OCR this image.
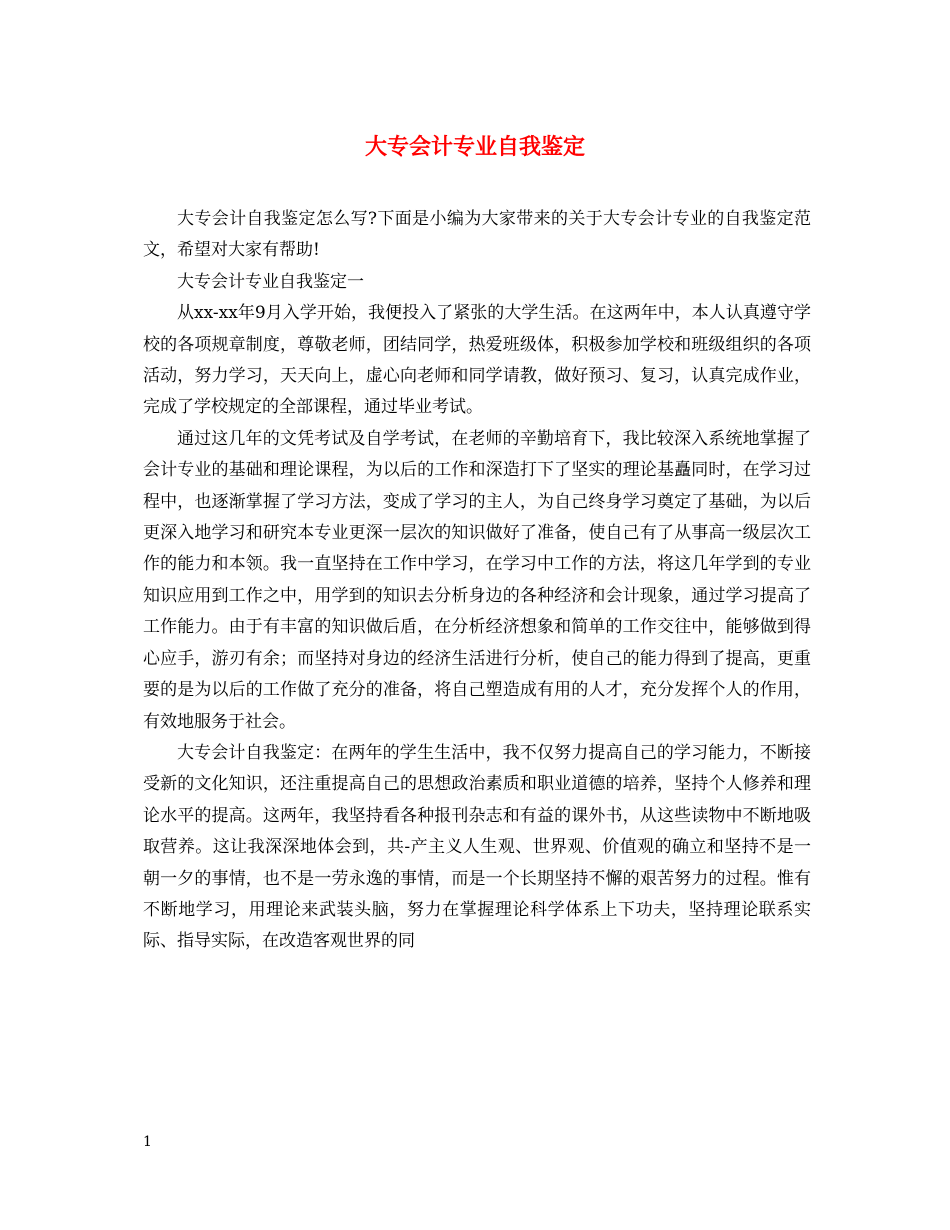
大专会计专业自我鉴定

大专会计自我鉴定怎么写?下面是小编为大家带来的关于大专会计专业的自我鉴定范文，希望对大家有帮助!

大专会计专业自我鉴定一

从xx-xx年9月入学开始，我便投入了紧张的大学生活。在这两年中，本人认真遵守学校的各项规章制度，尊敬老师，团结同学，热爱班级体，积极参加学校和班级组织的各项活动，努力学习，天天向上，虚心向老师和同学请教，做好预习、复习，认真完成作业，完成了学校规定的全部课程，通过毕业考试。

通过这几年的文凭考试及自学考试，在老师的辛勤培育下，我比较深入系统地掌握了会计专业的基础和理论课程，为以后的工作和深造打下了坚实的理论基矗同时，在学习过程中，也逐渐掌握了学习方法，变成了学习的主人，为自己终身学习奠定了基础，为以后更深入地学习和研究本专业更深一层次的知识做好了准备，使自己有了从事高一级层次工作的能力和本领。我一直坚持在工作中学习，在学习中工作的方法，将这几年学到的专业知识应用到工作之中，用学到的知识去分析身边的各种经济和会计现象，通过学习提高了工作能力。由于有丰富的知识做后盾，在分析经济想象和简单的工作交往中，能够做到得心应手，游刃有余；而坚持对身边的经济生活进行分析，使自己的能力得到了提高，更重要的是为以后的工作做了充分的准备，将自己塑造成有用的人才，充分发挥个人的作用，有效地服务于社会。

大专会计自我鉴定：在两年的学生生活中，我不仅努力提高自己的学习能力，不断接受新的文化知识，还注重提高自己的思想政治素质和职业道德的培养，坚持个人修养和理论水平的提高。这两年，我坚持看各种报刊杂志和有益的课外书，从这些读物中不断地吸取营养。这让我深深地体会到，共-产主义人生观、世界观、价值观的确立和坚持不是一朝一夕的事情，也不是一劳永逸的事情，而是一个长期坚持不懈的艰苦努力的过程。惟有不断地学习，用理论来武装头脑，努力在掌握理论科学体系上下功夫，坚持理论联系实际、指导实际，在改造客观世界的同

1
